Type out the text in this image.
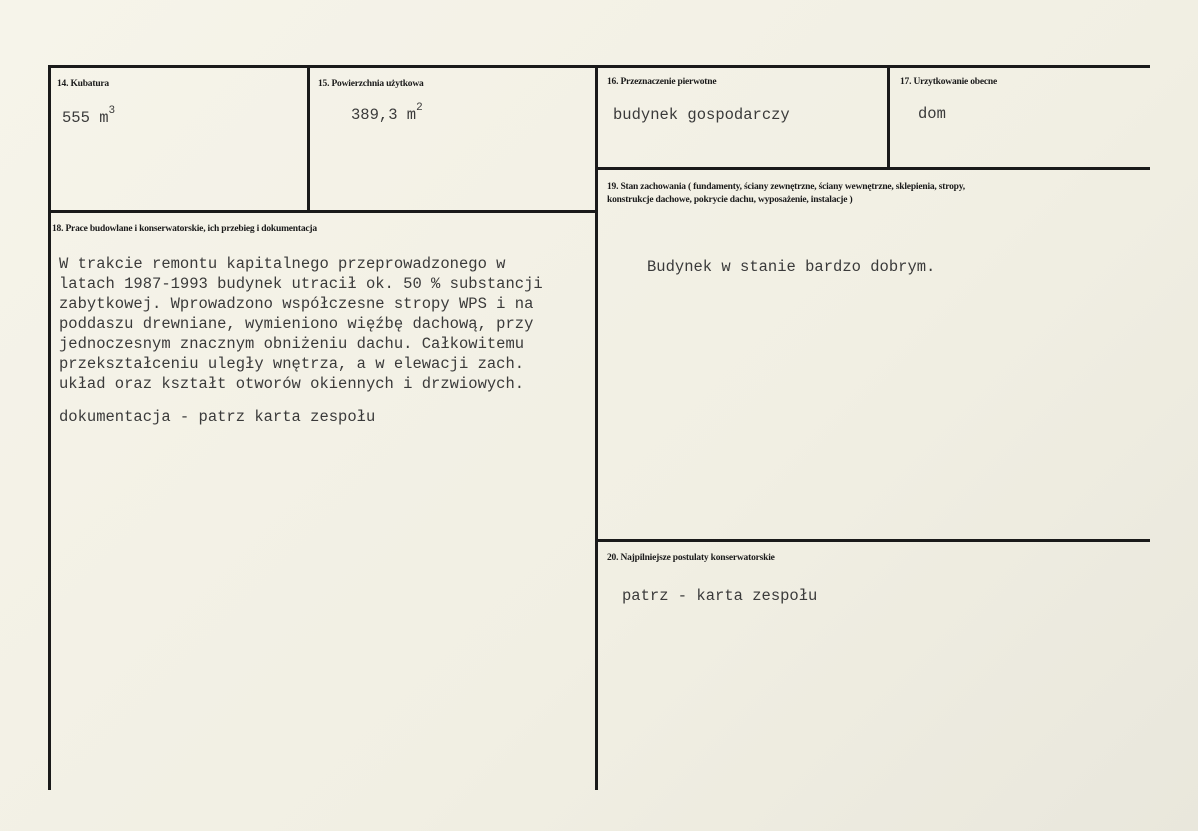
14. Kubatura
555 $m^3$
15. Powierzchnia użytkowa
389,3 $m^2$
16. Przeznaczenie pierwotne
budynek gospodarczy
17. Urzytkowanie obecne
dom
19. Stan zachowania ( fundamenty, ściany zewnętrzne, ściany wewnętrzne, sklepienia, stropy,
konstrukcje dachowe, pokrycie dachu, wyposażenie, instalacje )
Budynek w stanie bardzo dobrym.
18. Prace budowlane i konserwatorskie, ich przebieg i dokumentacja
W trakcie remontu kapitalnego przeprowadzonego w
latach 1987-1993 budynek utracił ok. 50 % substancji
zabytkowej. Wprowadzono współczesne stropy WPS i na
poddaszu drewniane, wymieniono więźbę dachową, przy
jednoczesnym znacznym obniżeniu dachu. Całkowitemu
przekształceniu uległy wnętrza, a w elewacji zach.
układ oraz kształt otworów okiennych i drzwiowych.
dokumentacja - patrz karta zespołu
20. Najpilniejsze postulaty konserwatorskie
patrz - karta zespołu
